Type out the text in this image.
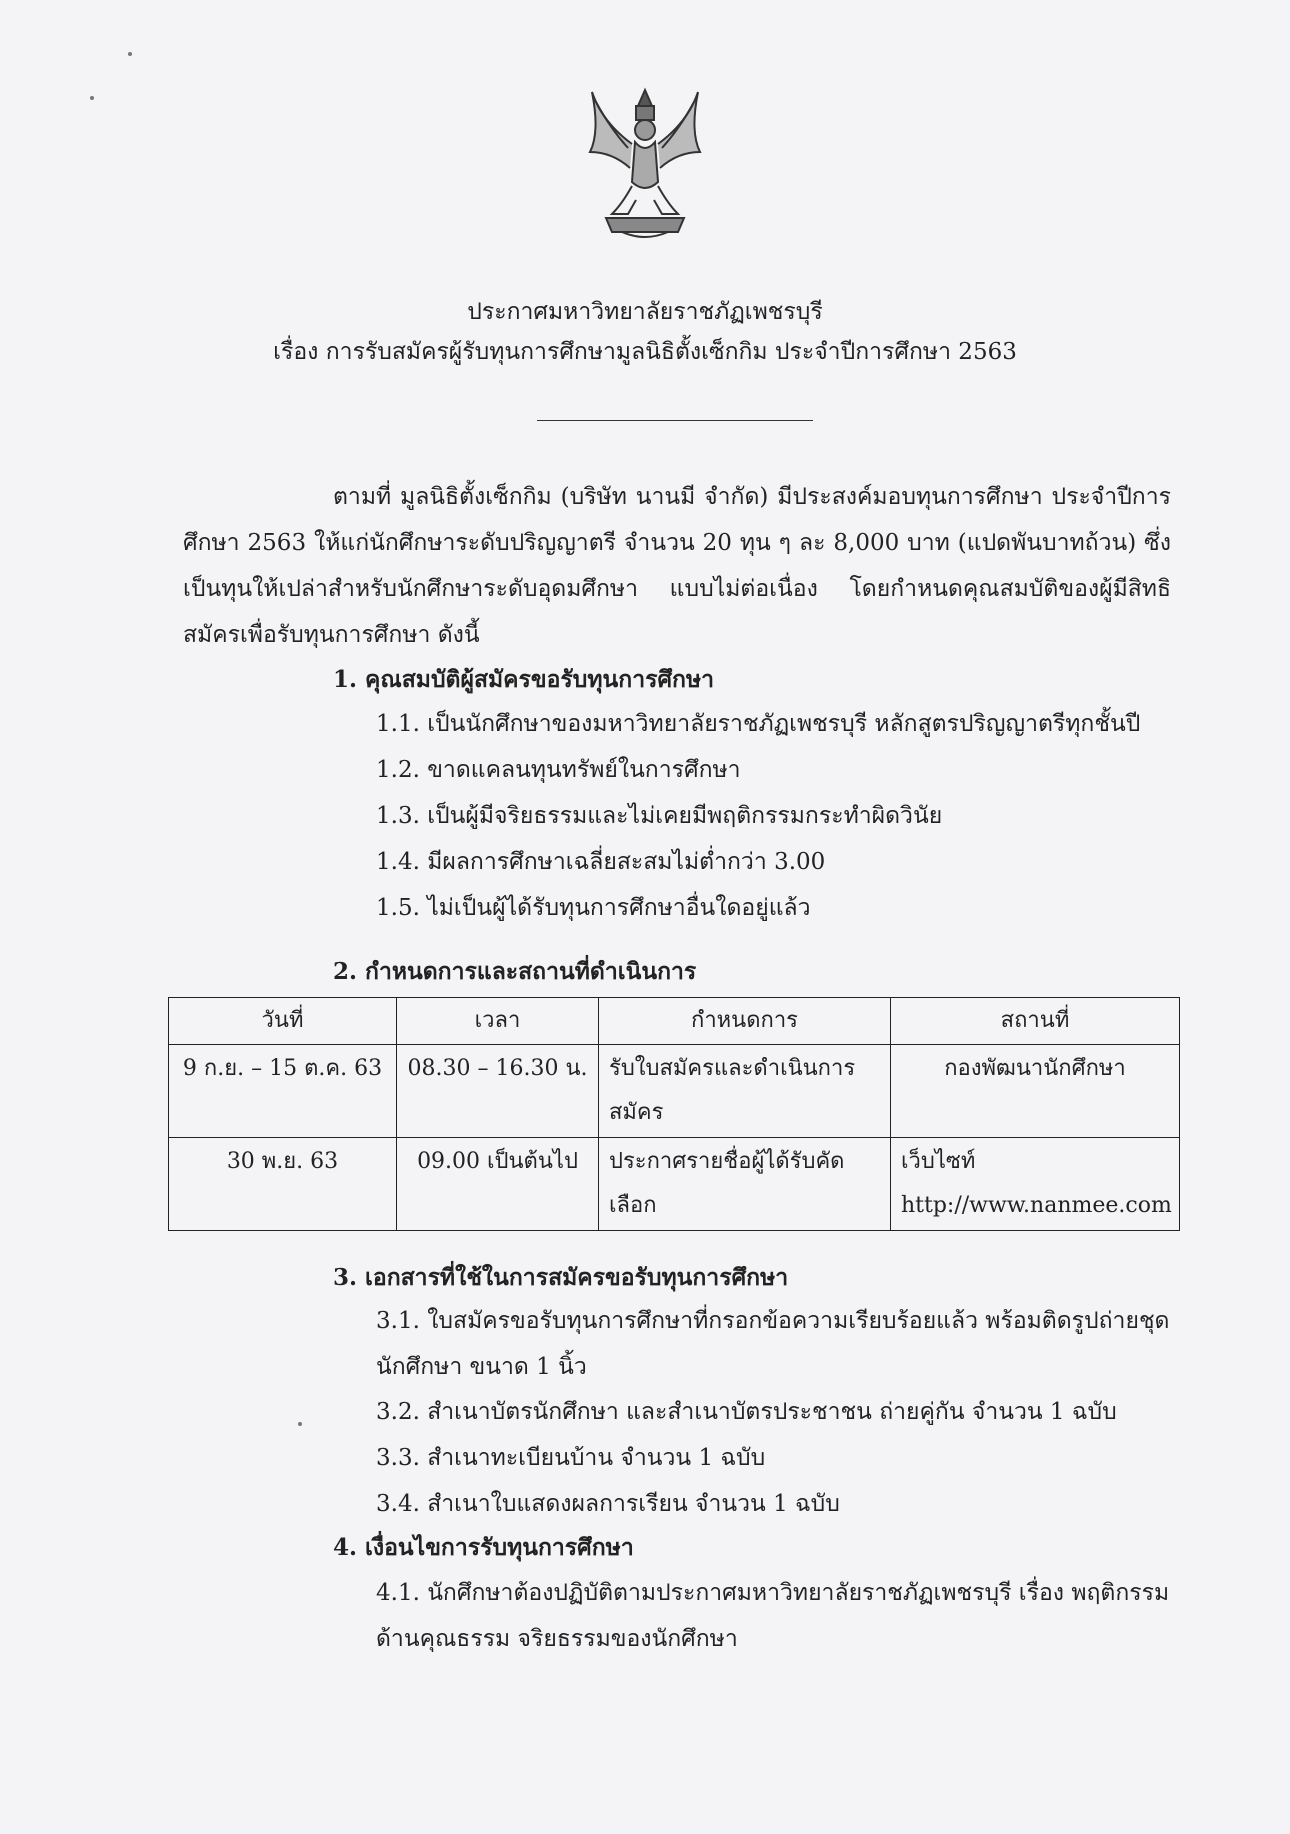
ประกาศมหาวิทยาลัยราชภัฏเพชรบุรี
เรื่อง การรับสมัครผู้รับทุนการศึกษามูลนิธิตั้งเซ็กกิม ประจำปีการศึกษา 2563

ตามที่ มูลนิธิตั้งเซ็กกิม (บริษัท นานมี จำกัด) มีประสงค์มอบทุนการศึกษา ประจำปีการศึกษา 2563 ให้แก่นักศึกษาระดับปริญญาตรี จำนวน 20 ทุน ๆ ละ 8,000 บาท (แปดพันบาทถ้วน) ซึ่งเป็นทุนให้เปล่าสำหรับนักศึกษาระดับอุดมศึกษา แบบไม่ต่อเนื่อง โดยกำหนดคุณสมบัติของผู้มีสิทธิสมัครเพื่อรับทุนการศึกษา ดังนี้

1. คุณสมบัติผู้สมัครขอรับทุนการศึกษา
1.1. เป็นนักศึกษาของมหาวิทยาลัยราชภัฏเพชรบุรี หลักสูตรปริญญาตรีทุกชั้นปี
1.2. ขาดแคลนทุนทรัพย์ในการศึกษา
1.3. เป็นผู้มีจริยธรรมและไม่เคยมีพฤติกรรมกระทำผิดวินัย
1.4. มีผลการศึกษาเฉลี่ยสะสมไม่ต่ำกว่า 3.00
1.5. ไม่เป็นผู้ได้รับทุนการศึกษาอื่นใดอยู่แล้ว
2. กำหนดการและสถานที่ดำเนินการ
วันที่	เวลา	กำหนดการ	สถานที่
9 ก.ย. – 15 ต.ค. 63	08.30 – 16.30 น.	รับใบสมัครและดำเนินการสมัคร	กองพัฒนานักศึกษา
30 พ.ย. 63	09.00 เป็นต้นไป	ประกาศรายชื่อผู้ได้รับคัดเลือก	เว็บไซท์ http://www.nanmee.com
3. เอกสารที่ใช้ในการสมัครขอรับทุนการศึกษา
3.1. ใบสมัครขอรับทุนการศึกษาที่กรอกข้อความเรียบร้อยแล้ว พร้อมติดรูปถ่ายชุดนักศึกษา ขนาด 1 นิ้ว
3.2. สำเนาบัตรนักศึกษา และสำเนาบัตรประชาชน ถ่ายคู่กัน จำนวน 1 ฉบับ
3.3. สำเนาทะเบียนบ้าน จำนวน 1 ฉบับ
3.4. สำเนาใบแสดงผลการเรียน จำนวน 1 ฉบับ
4. เงื่อนไขการรับทุนการศึกษา
4.1. นักศึกษาต้องปฏิบัติตามประกาศมหาวิทยาลัยราชภัฏเพชรบุรี เรื่อง พฤติกรรมด้านคุณธรรม จริยธรรมของนักศึกษา
